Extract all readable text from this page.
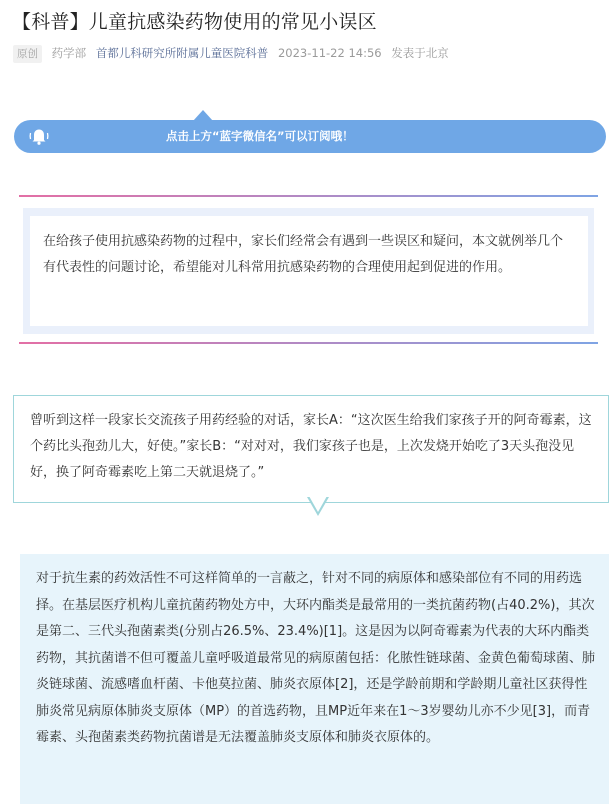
【科普】儿童抗感染药物使用的常见小误区
原创 药学部 首都儿科研究所附属儿童医院科普 2023-11-22 14:56 发表于北京
点击上方“蓝字微信名”可以订阅哦！
在给孩子使用抗感染药物的过程中，家长们经常会有遇到一些误区和疑问，本文就例举几个有代表性的问题讨论，希望能对儿科常用抗感染药物的合理使用起到促进的作用。
曾听到这样一段家长交流孩子用药经验的对话，家长A：“这次医生给我们家孩子开的阿奇霉素，这个药比头孢劲儿大，好使。”家长B：“对对对，我们家孩子也是，上次发烧开始吃了3天头孢没见好，换了阿奇霉素吃上第二天就退烧了。”
对于抗生素的药效活性不可这样简单的一言蔽之，针对不同的病原体和感染部位有不同的用药选择。在基层医疗机构儿童抗菌药物处方中，大环内酯类是最常用的一类抗菌药物(占40.2%)，其次是第二、三代头孢菌素类(分别占26.5%、23.4%)[1]。这是因为以阿奇霉素为代表的大环内酯类药物，其抗菌谱不但可覆盖儿童呼吸道最常见的病原菌包括：化脓性链球菌、金黄色葡萄球菌、肺炎链球菌、流感嗜血杆菌、卡他莫拉菌、肺炎衣原体[2]，还是学龄前期和学龄期儿童社区获得性肺炎常见病原体肺炎支原体（MP）的首选药物，且MP近年来在1～3岁婴幼儿亦不少见[3]，而青霉素、头孢菌素类药物抗菌谱是无法覆盖肺炎支原体和肺炎衣原体的。
